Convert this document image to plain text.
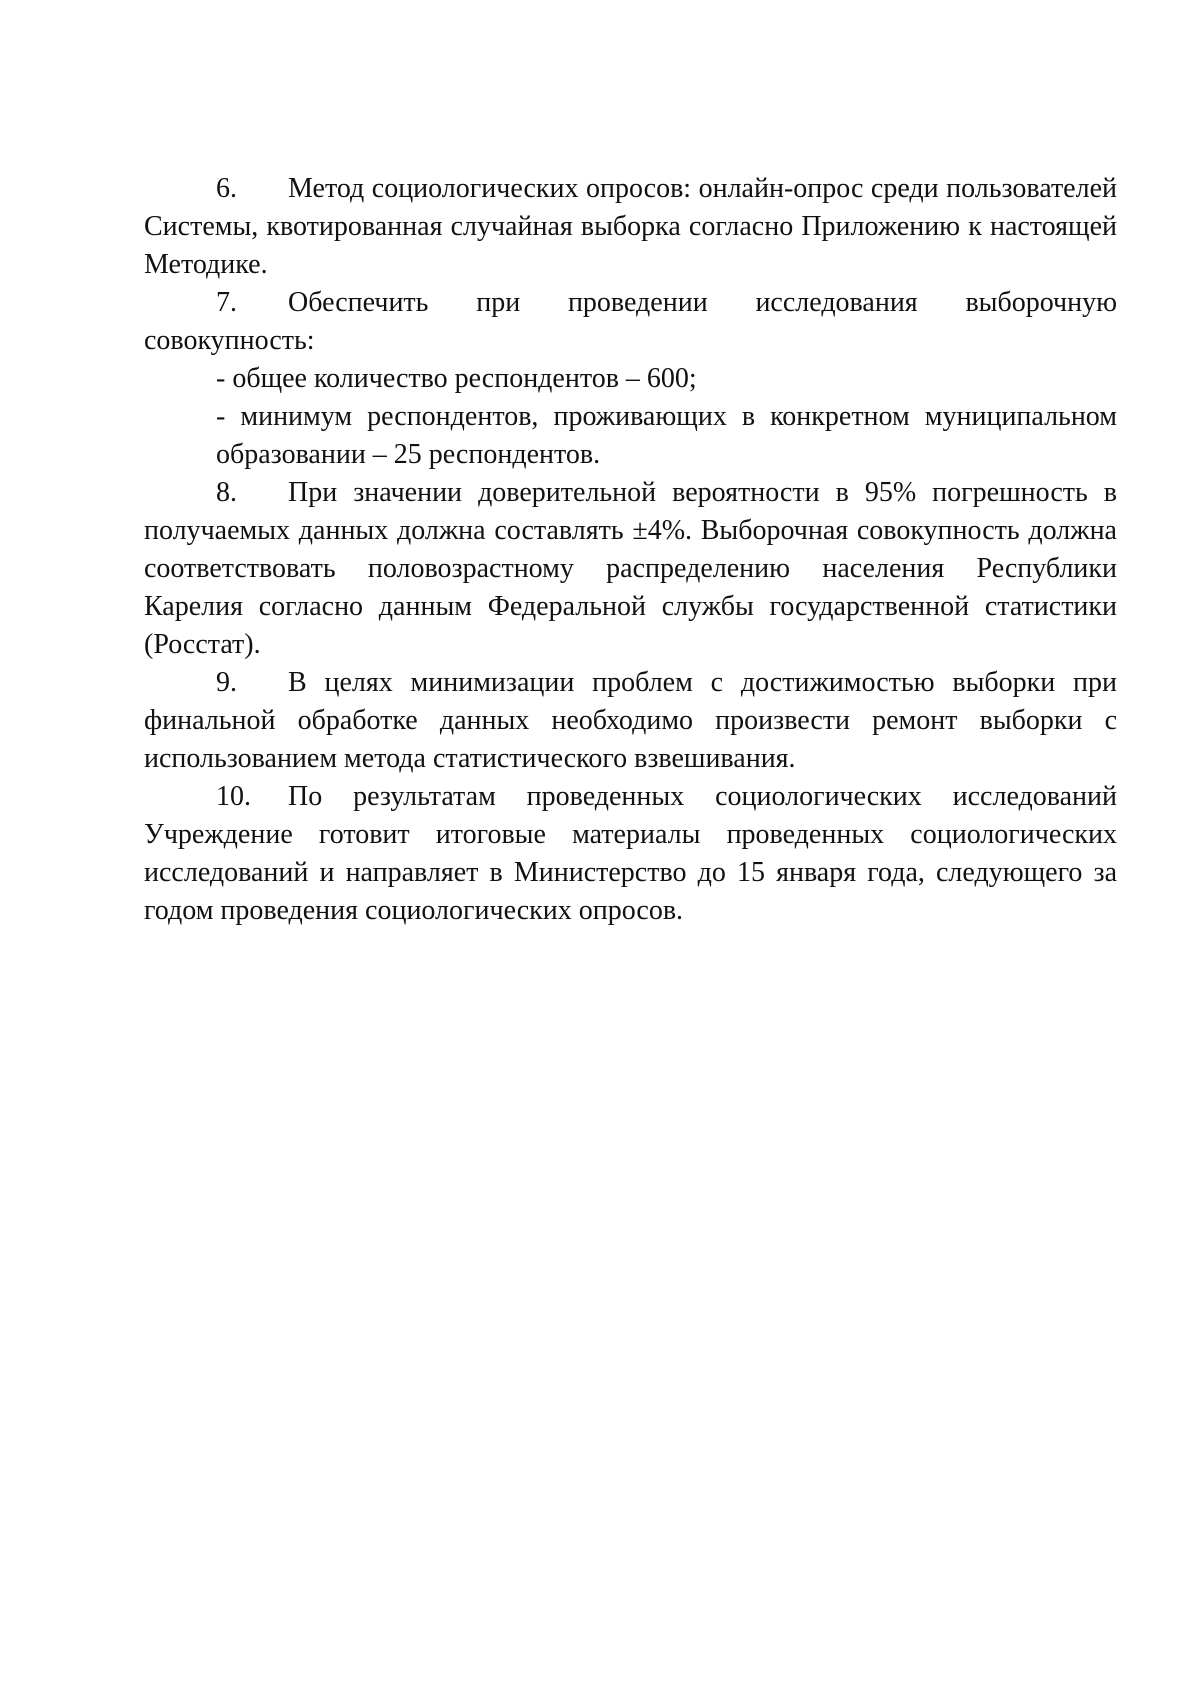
6. Метод социологических опросов: онлайн-опрос среди пользователей Системы, квотированная случайная выборка согласно Приложению к настоящей Методике.

7. Обеспечить при проведении исследования выборочную совокупность:

- общее количество респондентов – 600;

- минимум респондентов, проживающих в конкретном муниципальном образовании – 25 респондентов.

8. При значении доверительной вероятности в 95% погрешность в получаемых данных должна составлять ±4%. Выборочная совокупность должна соответствовать половозрастному распределению населения Республики Карелия согласно данным Федеральной службы государственной статистики (Росстат).

9. В целях минимизации проблем с достижимостью выборки при финальной обработке данных необходимо произвести ремонт выборки с использованием метода статистического взвешивания.

10. По результатам проведенных социологических исследований Учреждение готовит итоговые материалы проведенных социологических исследований и направляет в Министерство до 15 января года, следующего за годом проведения социологических опросов.
